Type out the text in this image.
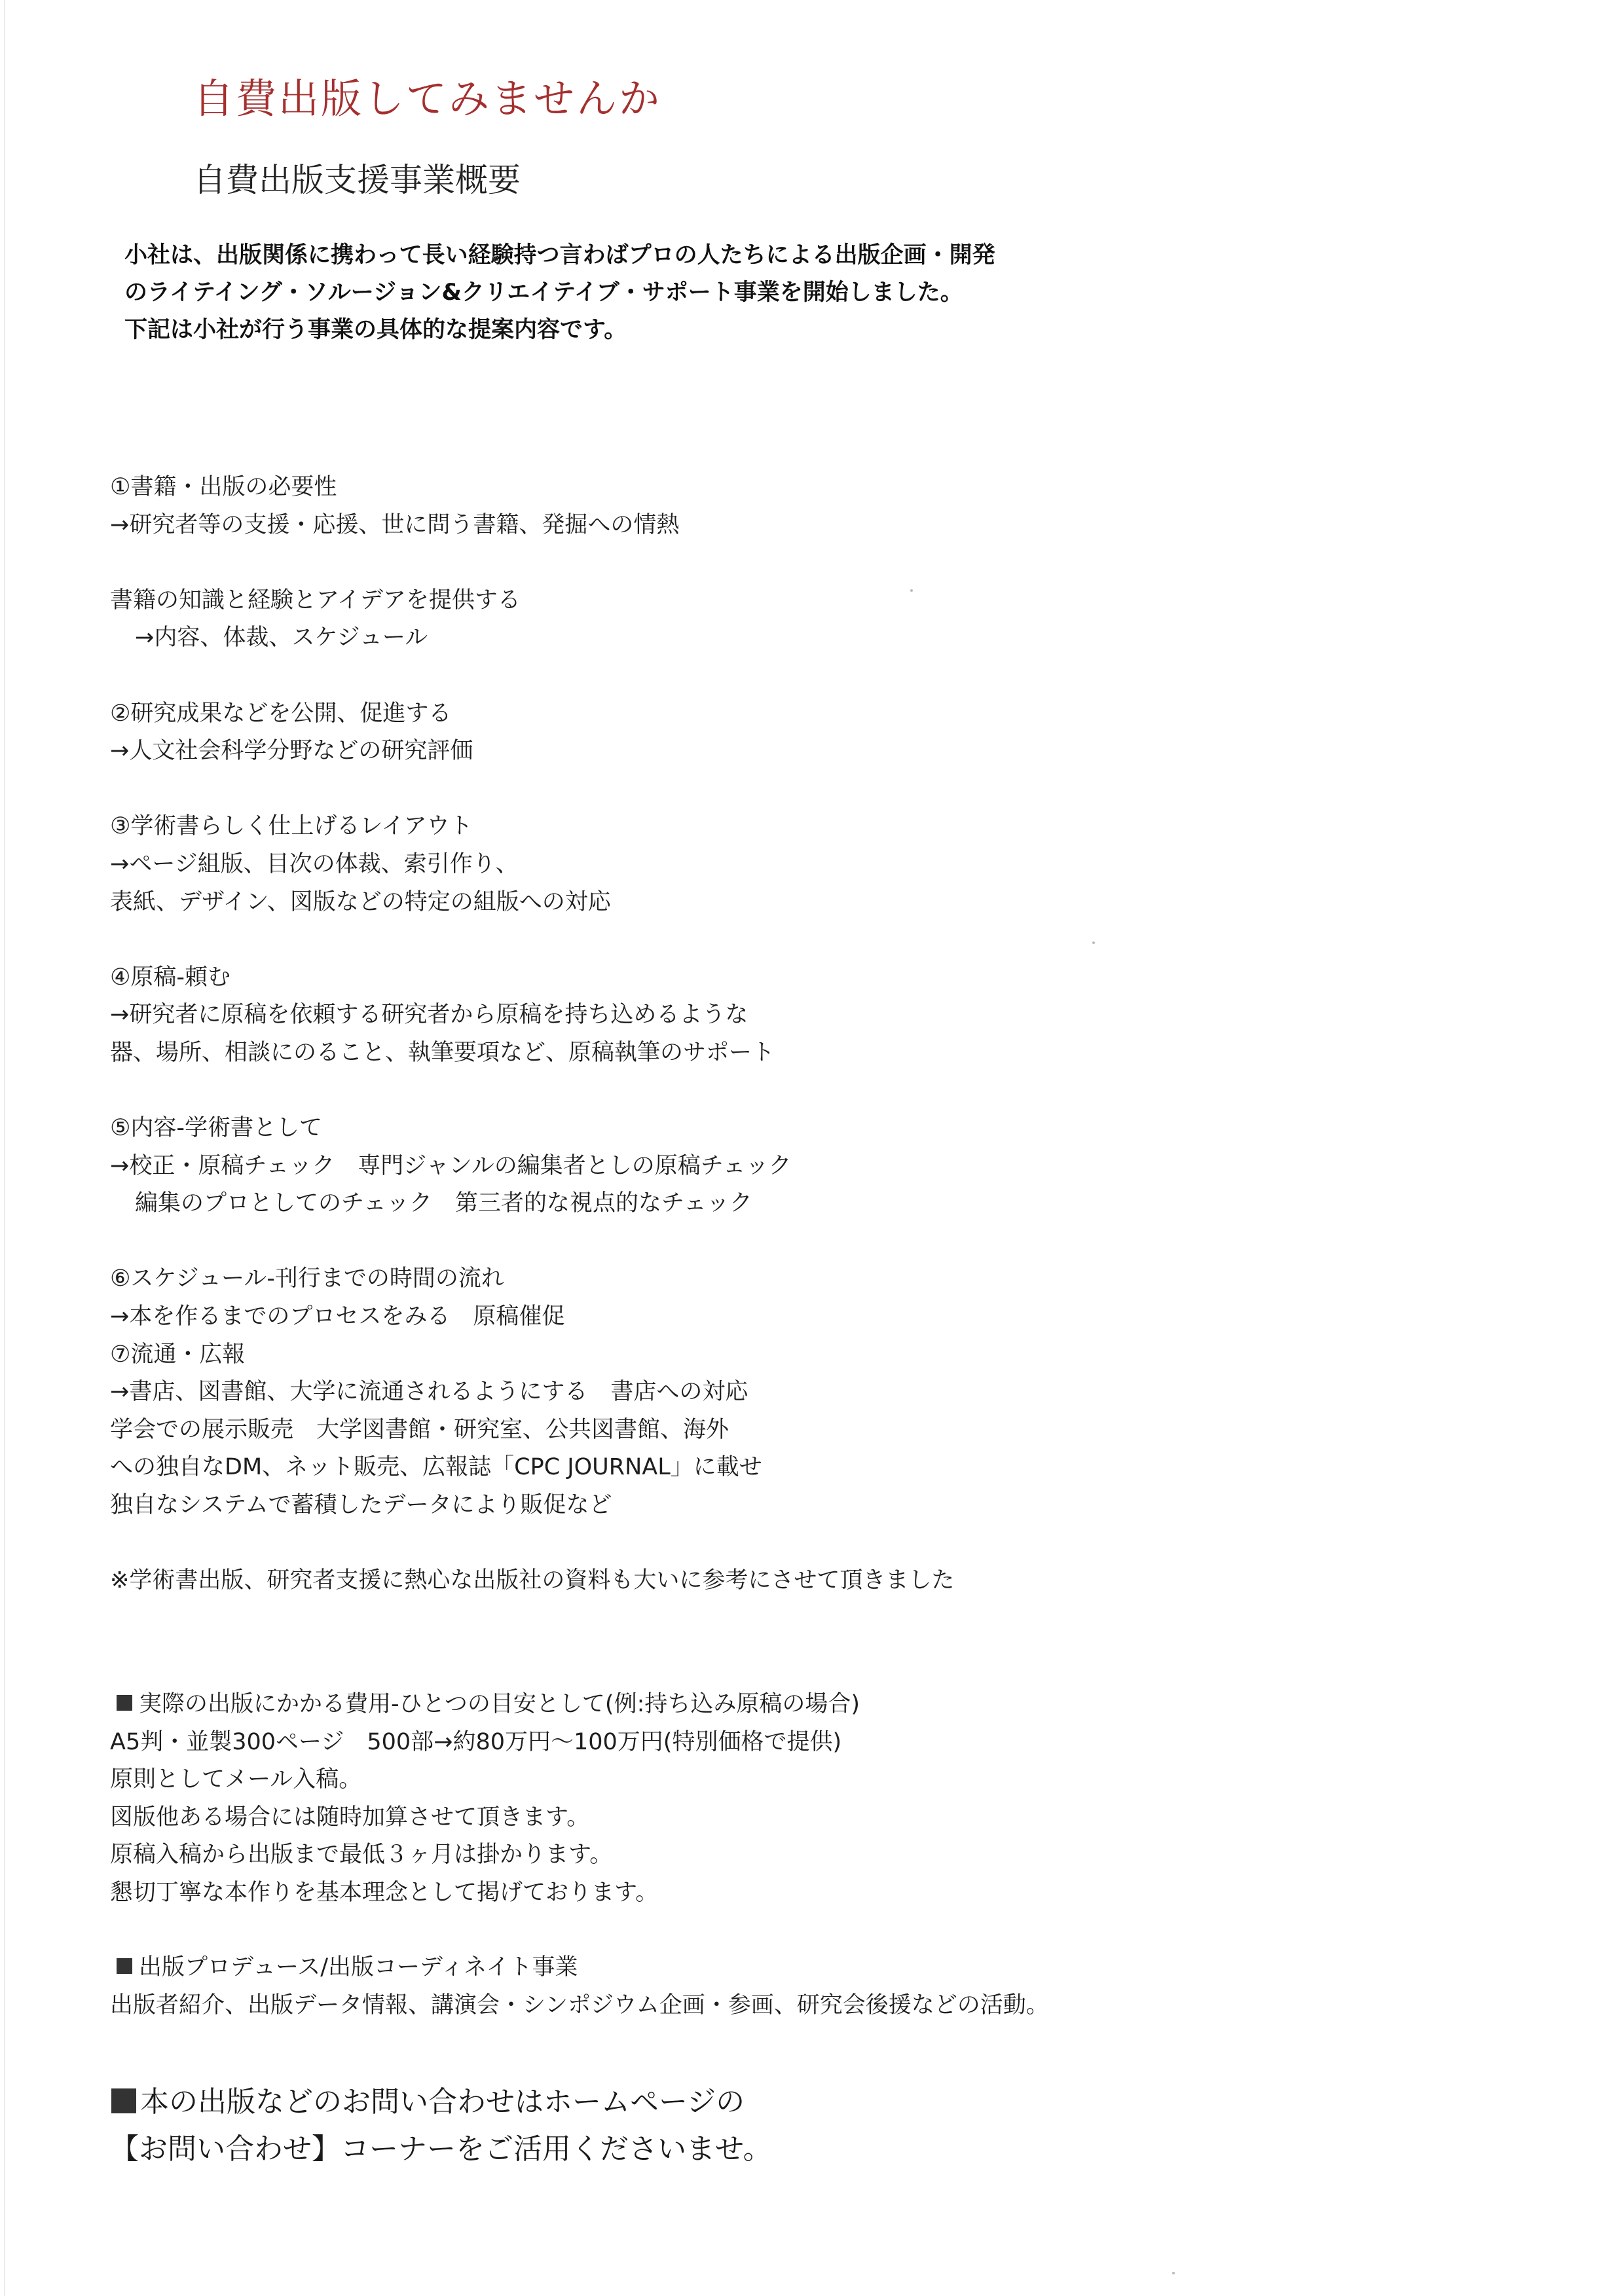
自費出版してみませんか
自費出版支援事業概要
小社は、出版関係に携わって長い経験持つ言わばプロの人たちによる出版企画・開発
のライテイング・ソルージョン&クリエイテイブ・サポート事業を開始しました。
下記は小社が行う事業の具体的な提案内容です。
①書籍・出版の必要性
→研究者等の支援・応援、世に問う書籍、発掘への情熱
書籍の知識と経験とアイデアを提供する
→内容、体裁、スケジュール
②研究成果などを公開、促進する
→人文社会科学分野などの研究評価
③学術書らしく仕上げるレイアウト
→ページ組版、目次の体裁、索引作り、
表紙、デザイン、図版などの特定の組版への対応
④原稿-頼む
→研究者に原稿を依頼する研究者から原稿を持ち込めるような
器、場所、相談にのること、執筆要項など、原稿執筆のサポート
⑤内容-学術書として
→校正・原稿チェック　専門ジャンルの編集者としの原稿チェック
編集のプロとしてのチェック　第三者的な視点的なチェック
⑥スケジュール-刊行までの時間の流れ
→本を作るまでのプロセスをみる　原稿催促
⑦流通・広報
→書店、図書館、大学に流通されるようにする　書店への対応
学会での展示販売　大学図書館・研究室、公共図書館、海外
への独自なDM、ネット販売、広報誌「CPC JOURNAL」に載せ
独自なシステムで蓄積したデータにより販促など
※学術書出版、研究者支援に熱心な出版社の資料も大いに参考にさせて頂きました
実際の出版にかかる費用-ひとつの目安として(例:持ち込み原稿の場合)
A5判・並製300ページ　500部→約80万円～100万円(特別価格で提供)
原則としてメール入稿。
図版他ある場合には随時加算させて頂きます。
原稿入稿から出版まで最低３ヶ月は掛かります。
懇切丁寧な本作りを基本理念として掲げております。
出版プロデュース/出版コーディネイト事業
出版者紹介、出版データ情報、講演会・シンポジウム企画・参画、研究会後援などの活動。
本の出版などのお問い合わせはホームページの
【お問い合わせ】コーナーをご活用くださいませ。
